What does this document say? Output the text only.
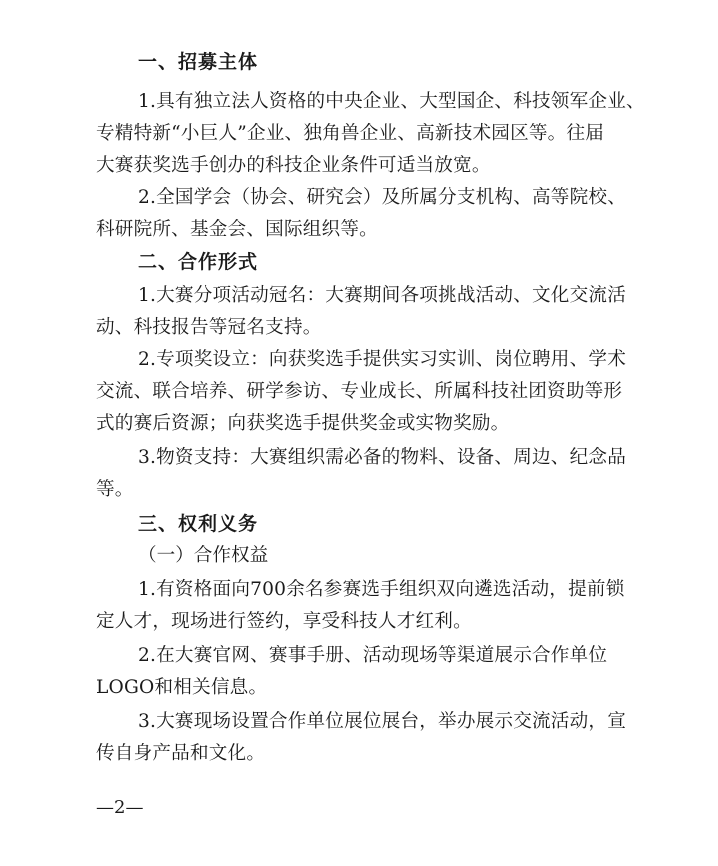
一、招募主体
1.具有独立法人资格的中央企业、大型国企、科技领军企业、
专精特新“小巨人”企业、独角兽企业、高新技术园区等。往届
大赛获奖选手创办的科技企业条件可适当放宽。
2.全国学会（协会、研究会）及所属分支机构、高等院校、
科研院所、基金会、国际组织等。
二、合作形式
1.大赛分项活动冠名：大赛期间各项挑战活动、文化交流活
动、科技报告等冠名支持。
2.专项奖设立：向获奖选手提供实习实训、岗位聘用、学术
交流、联合培养、研学参访、专业成长、所属科技社团资助等形
式的赛后资源；向获奖选手提供奖金或实物奖励。
3.物资支持：大赛组织需必备的物料、设备、周边、纪念品
等。
三、权利义务
（一）合作权益
1.有资格面向700余名参赛选手组织双向遴选活动，提前锁
定人才，现场进行签约，享受科技人才红利。
2.在大赛官网、赛事手册、活动现场等渠道展示合作单位
LOGO和相关信息。
3.大赛现场设置合作单位展位展台，举办展示交流活动，宣
传自身产品和文化。
—2—
